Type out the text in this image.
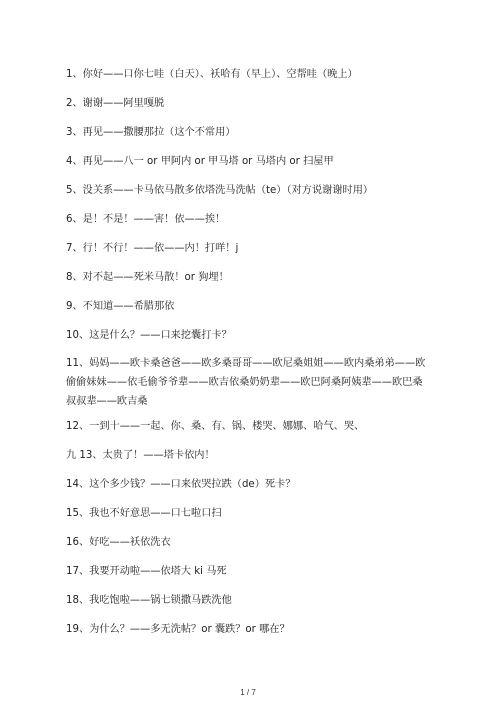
1、你好——口你七哇（白天）、袄哈有（早上）、空帮哇（晚上）
2、谢谢——阿里嘎脱
3、再见——撒腰那拉（这个不常用）
4、再见——八一 or 甲阿内 or 甲马塔 or 马塔内 or 扫屋甲
5、没关系——卡马依马散多依塔洗马洗帖（te）（对方说谢谢时用）
6、是！不是！——害！依——挨！
7、行！不行！——依——内！打咩！j
8、对不起——死米马散！or 狗埋！
9、不知道——希腊那依
10、这是什么？——口来挖囊打卡？
11、妈妈——欧卡桑爸爸——欧多桑哥哥——欧尼桑姐姐——欧内桑弟弟——欧偷偷妹妹——依毛偷爷爷辈——欧吉依桑奶奶辈——欧巴阿桑阿姨辈——欧巴桑叔叔辈——欧吉桑
12、一到十——一起、你、桑、有、锅、楼哭、娜娜、哈气、哭、
九 13、太贵了！——塔卡依内！
14、这个多少钱？——口来依哭拉跌（de）死卡？
15、我也不好意思——口七啦口扫
16、好吃——袄依洗衣
17、我要开动啦——依塔大 ki 马死
18、我吃饱啦——锅七锁撒马跌洗他
19、为什么？——多无洗帖？or 囊跌？or 哪在？
1 / 7
